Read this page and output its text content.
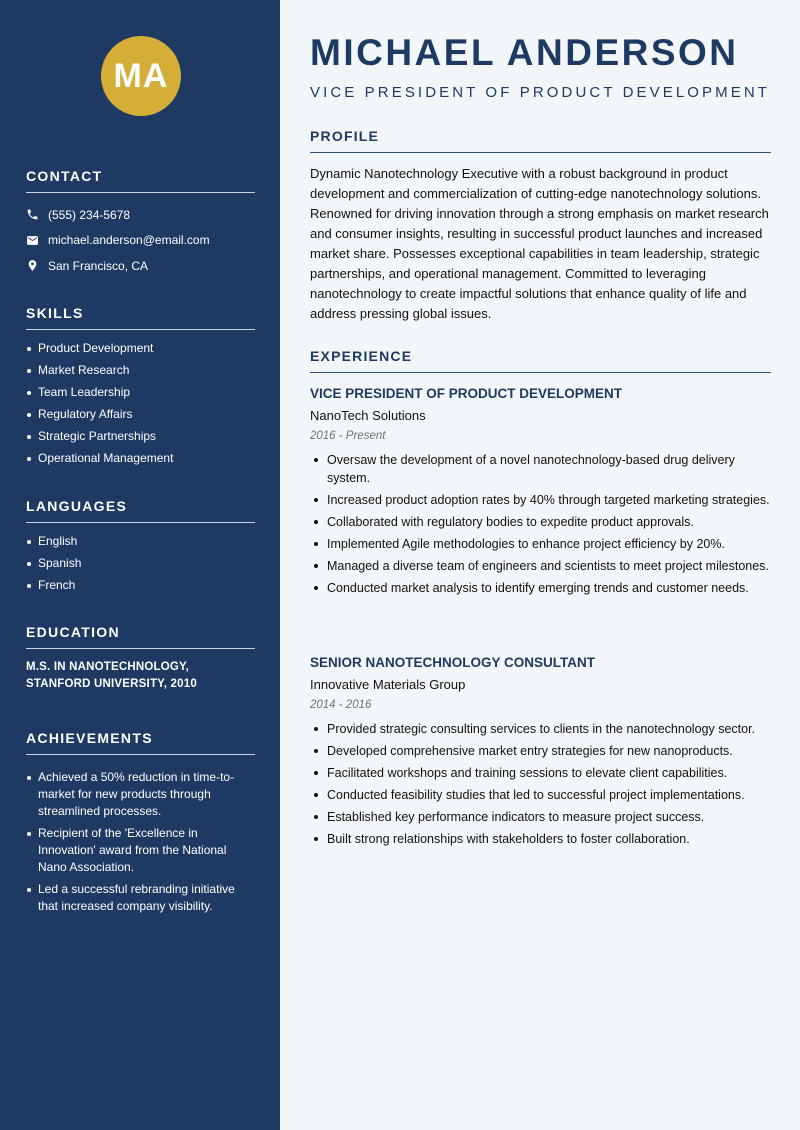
MA
CONTACT
(555) 234-5678
michael.anderson@email.com
San Francisco, CA
SKILLS
Product Development
Market Research
Team Leadership
Regulatory Affairs
Strategic Partnerships
Operational Management
LANGUAGES
English
Spanish
French
EDUCATION
M.S. IN NANOTECHNOLOGY, STANFORD UNIVERSITY, 2010
ACHIEVEMENTS
Achieved a 50% reduction in time-to-market for new products through streamlined processes.
Recipient of the 'Excellence in Innovation' award from the National Nano Association.
Led a successful rebranding initiative that increased company visibility.
MICHAEL ANDERSON
VICE PRESIDENT OF PRODUCT DEVELOPMENT
PROFILE

Dynamic Nanotechnology Executive with a robust background in product development and commercialization of cutting-edge nanotechnology solutions. Renowned for driving innovation through a strong emphasis on market research and consumer insights, resulting in successful product launches and increased market share. Possesses exceptional capabilities in team leadership, strategic partnerships, and operational management. Committed to leveraging nanotechnology to create impactful solutions that enhance quality of life and address pressing global issues.

EXPERIENCE
VICE PRESIDENT OF PRODUCT DEVELOPMENT
NanoTech Solutions
2016 - Present
Oversaw the development of a novel nanotechnology-based drug delivery system.
Increased product adoption rates by 40% through targeted marketing strategies.
Collaborated with regulatory bodies to expedite product approvals.
Implemented Agile methodologies to enhance project efficiency by 20%.
Managed a diverse team of engineers and scientists to meet project milestones.
Conducted market analysis to identify emerging trends and customer needs.
SENIOR NANOTECHNOLOGY CONSULTANT
Innovative Materials Group
2014 - 2016
Provided strategic consulting services to clients in the nanotechnology sector.
Developed comprehensive market entry strategies for new nanoproducts.
Facilitated workshops and training sessions to elevate client capabilities.
Conducted feasibility studies that led to successful project implementations.
Established key performance indicators to measure project success.
Built strong relationships with stakeholders to foster collaboration.
